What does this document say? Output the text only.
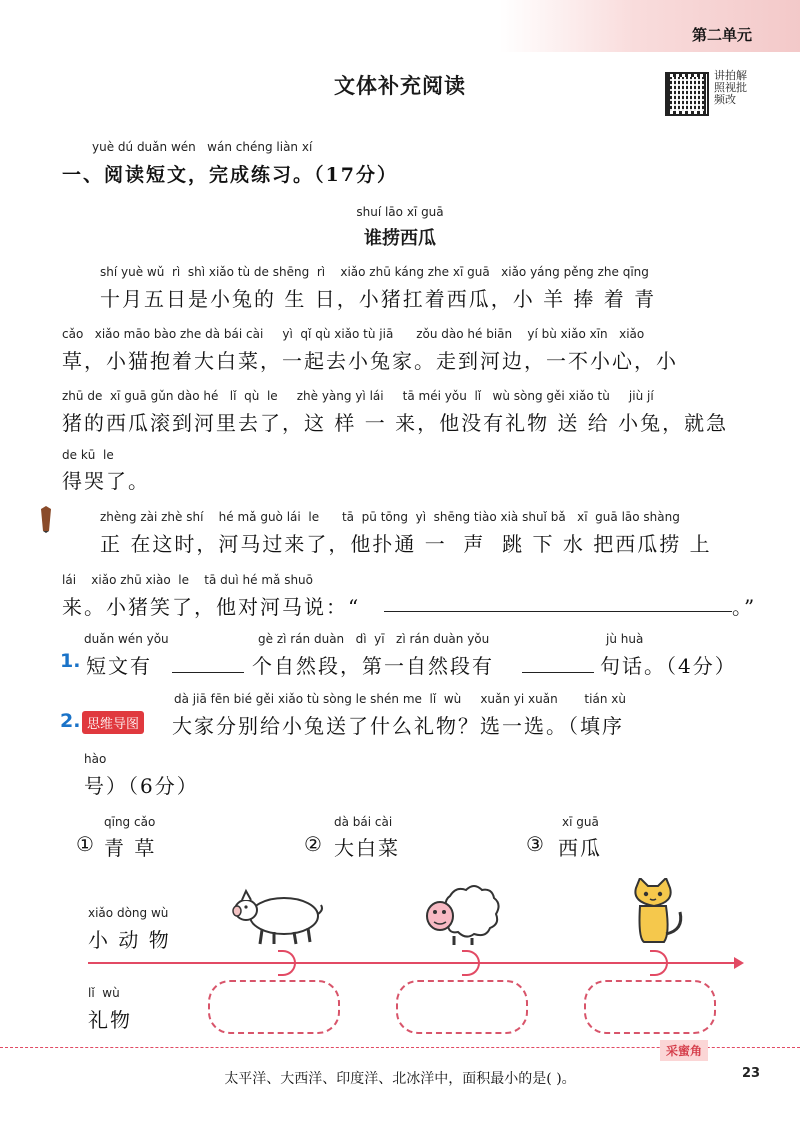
第二单元
文体补充阅读	讲拍解照视批频改
yuè dú duǎn wén   wán chéng liàn xí
一、阅读短文，完成练习。（17分）
shuí lāo xī guā
谁捞西瓜
shí yuè wǔ  rì  shì xiǎo tù de shēng  rì    xiǎo zhū káng zhe xī guā   xiǎo yáng pěng zhe qīng
十月五日是小兔的 生 日，小猪扛着西瓜，小 羊 捧 着 青
cǎo   xiǎo māo bào zhe dà bái cài     yì  qǐ qù xiǎo tù jiā      zǒu dào hé biān    yí bù xiǎo xīn   xiǎo
草，小猫抱着大白菜，一起去小兔家。走到河边，一不小心，小
zhū de  xī guā gǔn dào hé   lǐ  qù  le     zhè yàng yì lái     tā méi yǒu  lǐ   wù sòng gěi xiǎo tù     jiù jí
猪的西瓜滚到河里去了，这 样 一 来，他没有礼物 送 给 小兔，就急
de kū  le
得哭了。
zhèng zài zhè shí    hé mǎ guò lái  le      tā  pū tōng  yì  shēng tiào xià shuǐ bǎ   xī  guā lāo shàng
正 在这时，河马过来了，他扑通 一  声  跳 下 水 把西瓜捞 上
lái    xiǎo zhū xiào  le    tā duì hé mǎ shuō
来。小猪笑了，他对河马说：“	。”
duǎn wén yǒu	gè zì rán duàn   dì  yī   zì rán duàn yǒu	jù huà
1. 短文有	个自然段，第一自然段有	句话。（4分）
dà jiā fēn bié gěi xiǎo tù sòng le shén me  lǐ  wù     xuǎn yi xuǎn       tián xù
2. 思维导图 大家分别给小兔送了什么礼物？选一选。（填序
hào
号）（6分）
qīng cǎo
① 青 草
dà bái cài
② 大白菜
xī guā
③ 西瓜
xiǎo dòng wù
小 动 物
lǐ  wù
礼物
采蜜角
太平洋、大西洋、印度洋、北冰洋中，面积最小的是( )。	23
